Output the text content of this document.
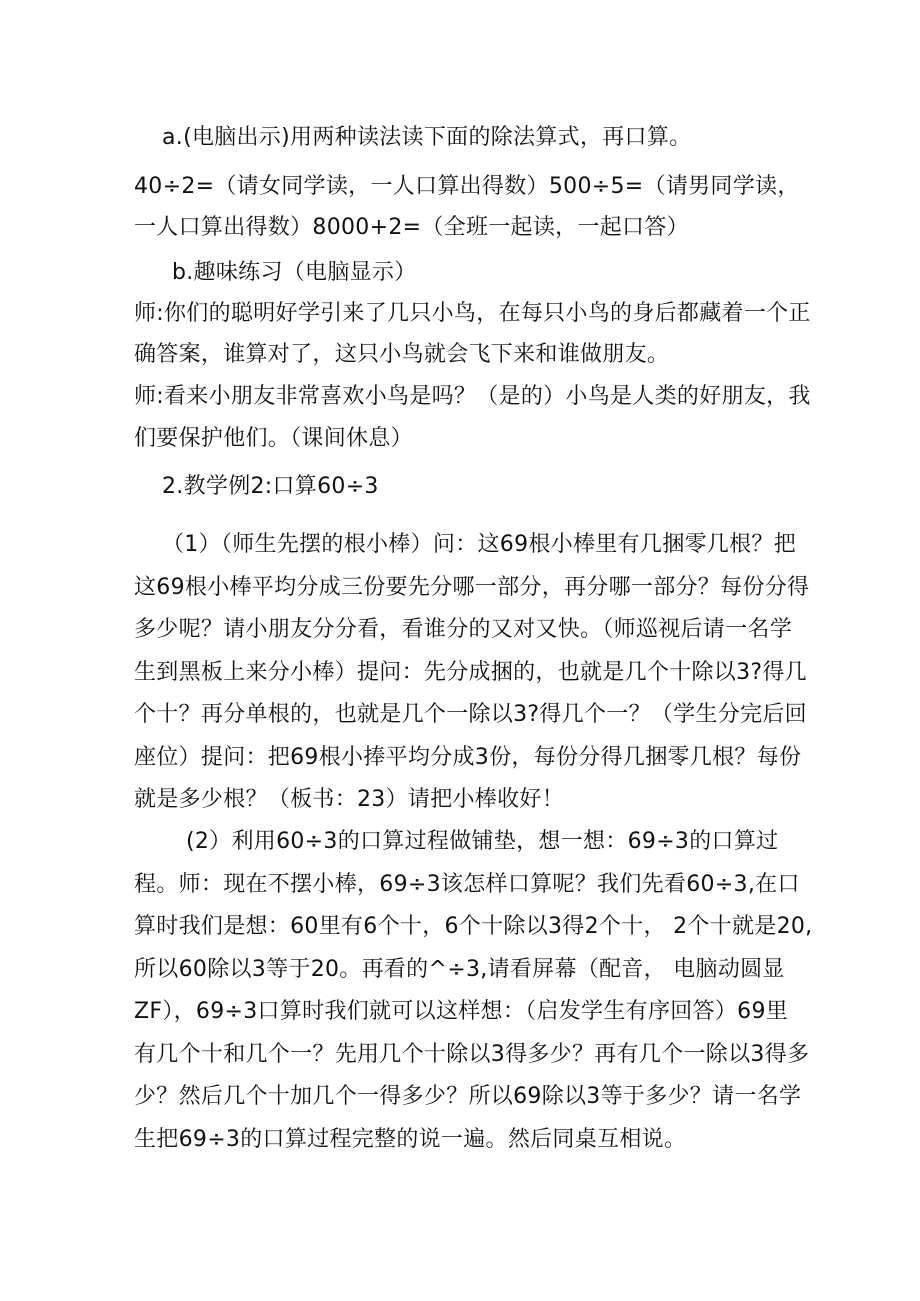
a.(电脑出示)用两种读法读下面的除法算式，再口算。
40÷2=（请女同学读，一人口算出得数）500÷5=（请男同学读，
一人口算出得数）8000+2=（全班一起读，一起口答）
b.趣味练习（电脑显示）
师:你们的聪明好学引来了几只小鸟，在每只小鸟的身后都藏着一个正
确答案，谁算对了，这只小鸟就会飞下来和谁做朋友。
师:看来小朋友非常喜欢小鸟是吗？（是的）小鸟是人类的好朋友，我
们要保护他们。（课间休息）
2.教学例2:口算60÷3
（1）（师生先摆的根小棒）问：这69根小棒里有几捆零几根？把
这69根小棒平均分成三份要先分哪一部分，再分哪一部分？每份分得
多少呢？请小朋友分分看，看谁分的又对又快。（师巡视后请一名学
生到黑板上来分小棒）提问：先分成捆的，也就是几个十除以3?得几
个十？再分单根的，也就是几个一除以3?得几个一？（学生分完后回
座位）提问：把69根小捧平均分成3份，每份分得几捆零几根？每份
就是多少根？（板书：23）请把小棒收好！
(2）利用60÷3的口算过程做铺垫，想一想：69÷3的口算过
程。师：现在不摆小棒，69÷3该怎样口算呢？我们先看60÷3,在口
算时我们是想：60里有6个十，6个十除以3得2个十， 2个十就是20,
所以60除以3等于20。再看的^÷3,请看屏幕（配音， 电脑动圆显
ZF），69÷3口算时我们就可以这样想：（启发学生有序回答）69里
有几个十和几个一？先用几个十除以3得多少？再有几个一除以3得多
少？然后几个十加几个一得多少？所以69除以3等于多少？请一名学
生把69÷3的口算过程完整的说一遍。然后同桌互相说。
